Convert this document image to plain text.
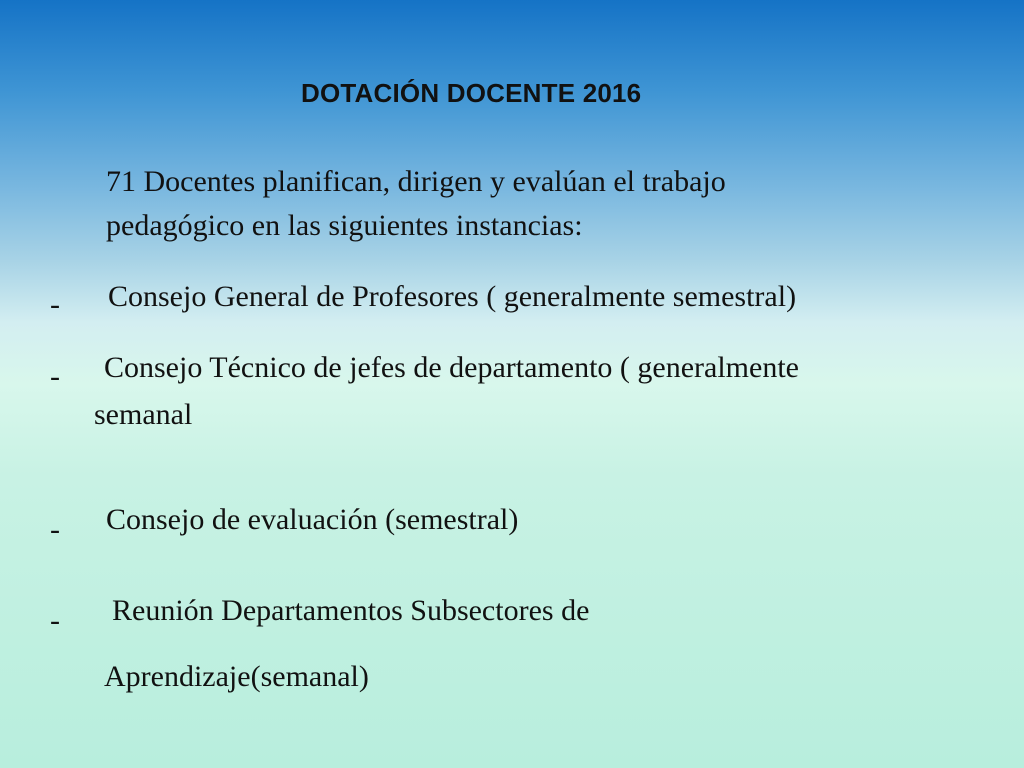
DOTACIÓN DOCENTE 2016
71 Docentes planifican, dirigen y evalúan el trabajo
pedagógico en las siguientes instancias:
- Consejo General de Profesores ( generalmente semestral)
- Consejo Técnico de jefes de departamento ( generalmente
semanal
- Consejo de evaluación (semestral)
- Reunión Departamentos Subsectores de
Aprendizaje(semanal)
